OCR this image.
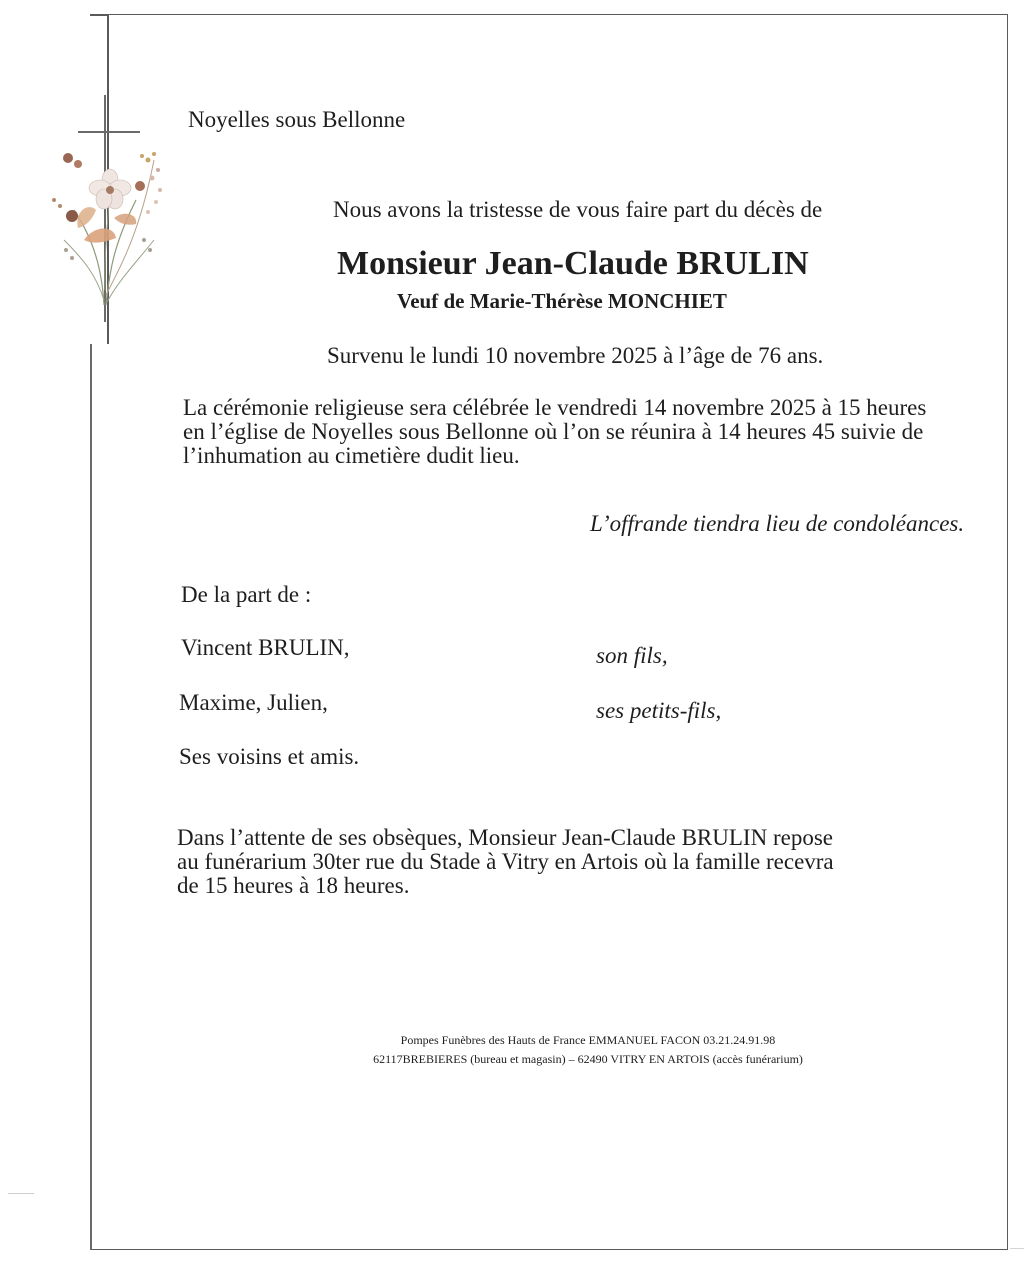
Noyelles sous Bellonne
Nous avons la tristesse de vous faire part du décès de
Monsieur Jean-Claude BRULIN
Veuf de Marie-Thérèse MONCHIET
Survenu le lundi 10 novembre 2025 à l’âge de 76 ans.
La cérémonie religieuse sera célébrée le vendredi 14 novembre 2025 à 15 heures
en l’église de Noyelles sous Bellonne où l’on se réunira à 14 heures 45 suivie de
l’inhumation au cimetière dudit lieu.
L’offrande tiendra lieu de condoléances.
De la part de :
Vincent BRULIN,	son fils,
Maxime, Julien,	ses petits-fils,
Ses voisins et amis.
Dans l’attente de ses obsèques, Monsieur Jean-Claude BRULIN repose
au funérarium 30ter rue du Stade à Vitry en Artois où la famille recevra
de 15 heures à 18 heures.
Pompes Funèbres des Hauts de France EMMANUEL FACON 03.21.24.91.98
62117BREBIERES (bureau et magasin) – 62490 VITRY EN ARTOIS (accès funérarium)
